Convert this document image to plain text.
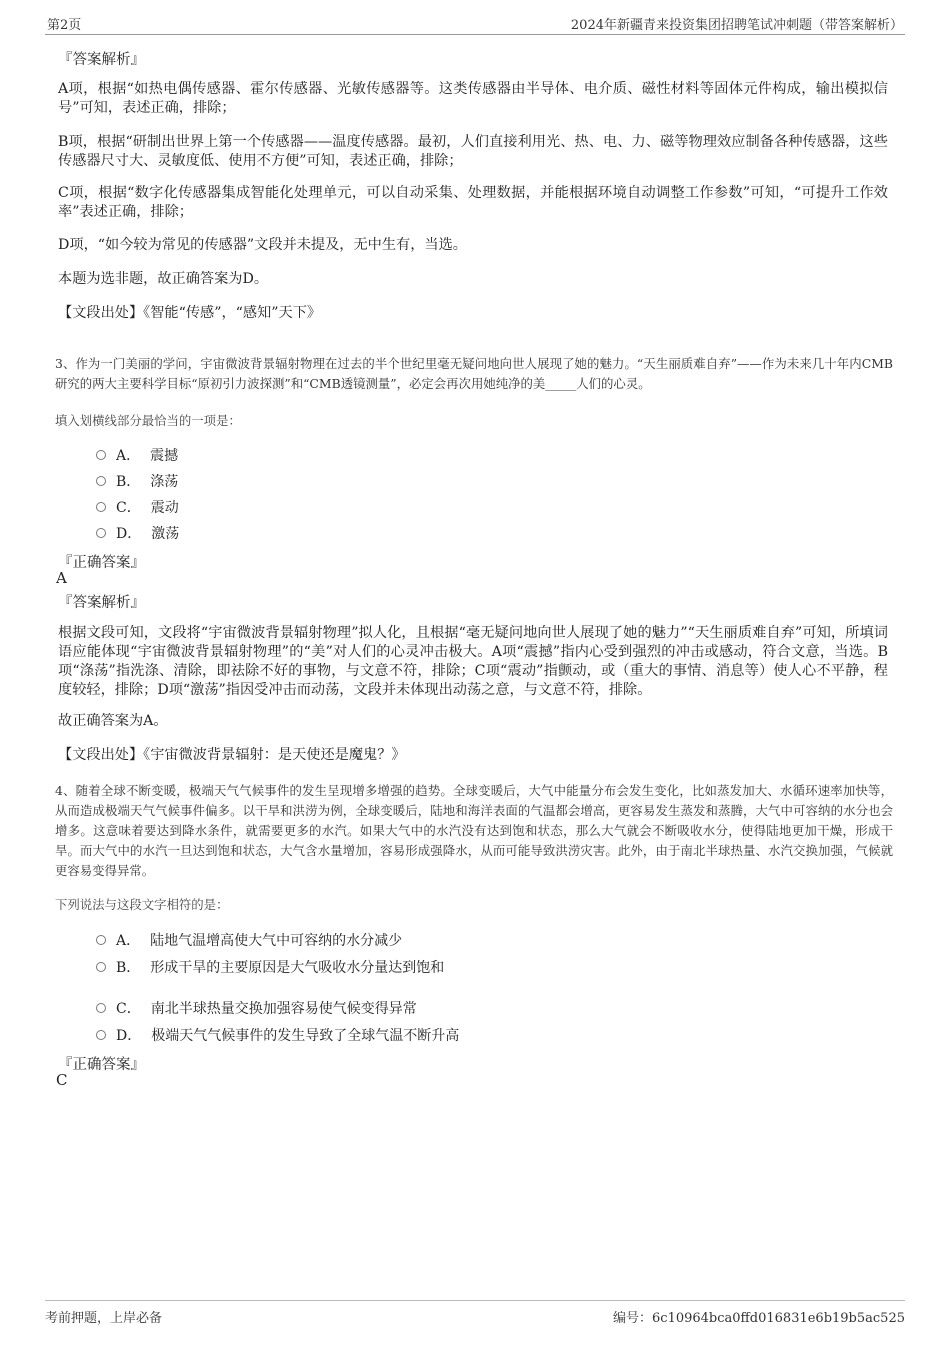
第2页	2024年新疆青来投资集团招聘笔试冲刺题（带答案解析）
『答案解析』
A项，根据“如热电偶传感器、霍尔传感器、光敏传感器等。这类传感器由半导体、电介质、磁性材料等固体元件构成，输出模拟信号”可知，表述正确，排除；
B项，根据“研制出世界上第一个传感器——温度传感器。最初，人们直接利用光、热、电、力、磁等物理效应制备各种传感器，这些传感器尺寸大、灵敏度低、使用不方便”可知，表述正确，排除；
C项，根据“数字化传感器集成智能化处理单元，可以自动采集、处理数据，并能根据环境自动调整工作参数”可知，“可提升工作效率”表述正确，排除；
D项，“如今较为常见的传感器”文段并未提及，无中生有，当选。
本题为选非题，故正确答案为D。
【文段出处】《智能“传感”，“感知”天下》
3、作为一门美丽的学问，宇宙微波背景辐射物理在过去的半个世纪里毫无疑问地向世人展现了她的魅力。“天生丽质难自弃”——作为未来几十年内CMB研究的两大主要科学目标“原初引力波探测”和“CMB透镜测量”，必定会再次用她纯净的美_____人们的心灵。
填入划横线部分最恰当的一项是：
A． 震撼
B． 涤荡
C． 震动
D． 激荡
『正确答案』
A
『答案解析』
根据文段可知，文段将“宇宙微波背景辐射物理”拟人化，且根据“毫无疑问地向世人展现了她的魅力”“天生丽质难自弃”可知，所填词语应能体现“宇宙微波背景辐射物理”的“美”对人们的心灵冲击极大。A项“震撼”指内心受到强烈的冲击或感动，符合文意，当选。B项“涤荡”指洗涤、清除，即祛除不好的事物，与文意不符，排除；C项“震动”指颤动，或（重大的事情、消息等）使人心不平静，程度较轻，排除；D项“激荡”指因受冲击而动荡，文段并未体现出动荡之意，与文意不符，排除。
故正确答案为A。
【文段出处】《宇宙微波背景辐射：是天使还是魔鬼？》
4、随着全球不断变暖，极端天气气候事件的发生呈现增多增强的趋势。全球变暖后，大气中能量分布会发生变化，比如蒸发加大、水循环速率加快等，从而造成极端天气气候事件偏多。以干旱和洪涝为例，全球变暖后，陆地和海洋表面的气温都会增高，更容易发生蒸发和蒸腾，大气中可容纳的水分也会增多。这意味着要达到降水条件，就需要更多的水汽。如果大气中的水汽没有达到饱和状态，那么大气就会不断吸收水分，使得陆地更加干燥，形成干旱。而大气中的水汽一旦达到饱和状态，大气含水量增加，容易形成强降水，从而可能导致洪涝灾害。此外，由于南北半球热量、水汽交换加强，气候就更容易变得异常。
下列说法与这段文字相符的是：
A． 陆地气温增高使大气中可容纳的水分减少
B． 形成干旱的主要原因是大气吸收水分量达到饱和
C． 南北半球热量交换加强容易使气候变得异常
D． 极端天气气候事件的发生导致了全球气温不断升高
『正确答案』
C
考前押题，上岸必备	编号：6c10964bca0ffd016831e6b19b5ac525
